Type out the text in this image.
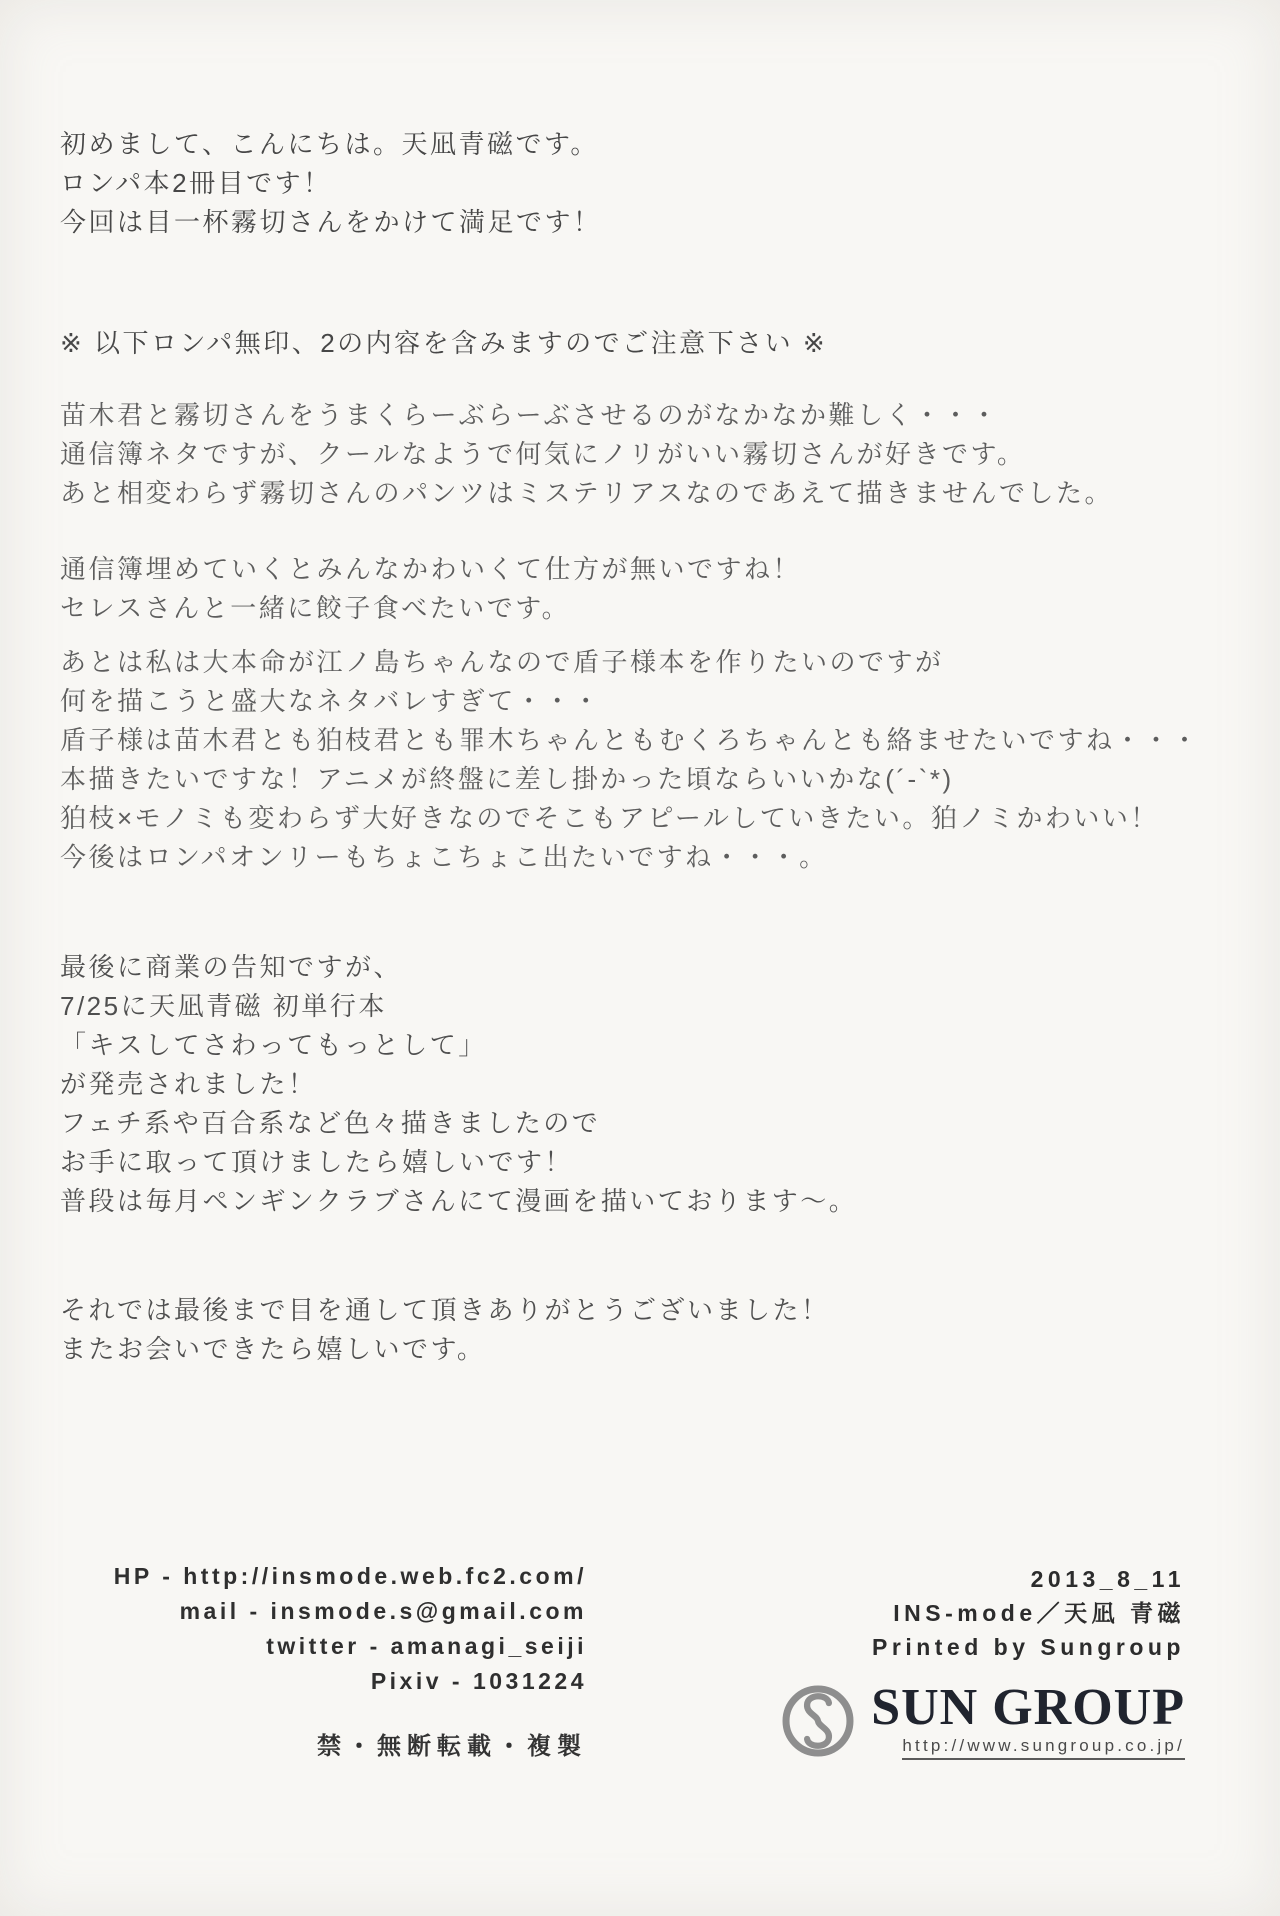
初めまして、こんにちは。天凪青磁です。
ロンパ本2冊目です！
今回は目一杯霧切さんをかけて満足です！
※ 以下ロンパ無印、2の内容を含みますのでご注意下さい ※
苗木君と霧切さんをうまくらーぶらーぶさせるのがなかなか難しく・・・
通信簿ネタですが、クールなようで何気にノリがいい霧切さんが好きです。
あと相変わらず霧切さんのパンツはミステリアスなのであえて描きませんでした。
通信簿埋めていくとみんなかわいくて仕方が無いですね！
セレスさんと一緒に餃子食べたいです。
あとは私は大本命が江ノ島ちゃんなので盾子様本を作りたいのですが
何を描こうと盛大なネタバレすぎて・・・
盾子様は苗木君とも狛枝君とも罪木ちゃんともむくろちゃんとも絡ませたいですね・・・
本描きたいですな！アニメが終盤に差し掛かった頃ならいいかな(´-`*)
狛枝×モノミも変わらず大好きなのでそこもアピールしていきたい。狛ノミかわいい！
今後はロンパオンリーもちょこちょこ出たいですね・・・。
最後に商業の告知ですが、
7/25に天凪青磁 初単行本
「キスしてさわってもっとして」
が発売されました！
フェチ系や百合系など色々描きましたので
お手に取って頂けましたら嬉しいです！
普段は毎月ペンギンクラブさんにて漫画を描いております〜。
それでは最後まで目を通して頂きありがとうございました！
またお会いできたら嬉しいです。
HP - http://insmode.web.fc2.com/
mail - insmode.s@gmail.com
twitter - amanagi_seiji
Pixiv - 1031224
禁・無断転載・複製
2013_8_11
INS-mode／天凪 青磁
Printed by Sungroup
SUN GROUP
http://www.sungroup.co.jp/
